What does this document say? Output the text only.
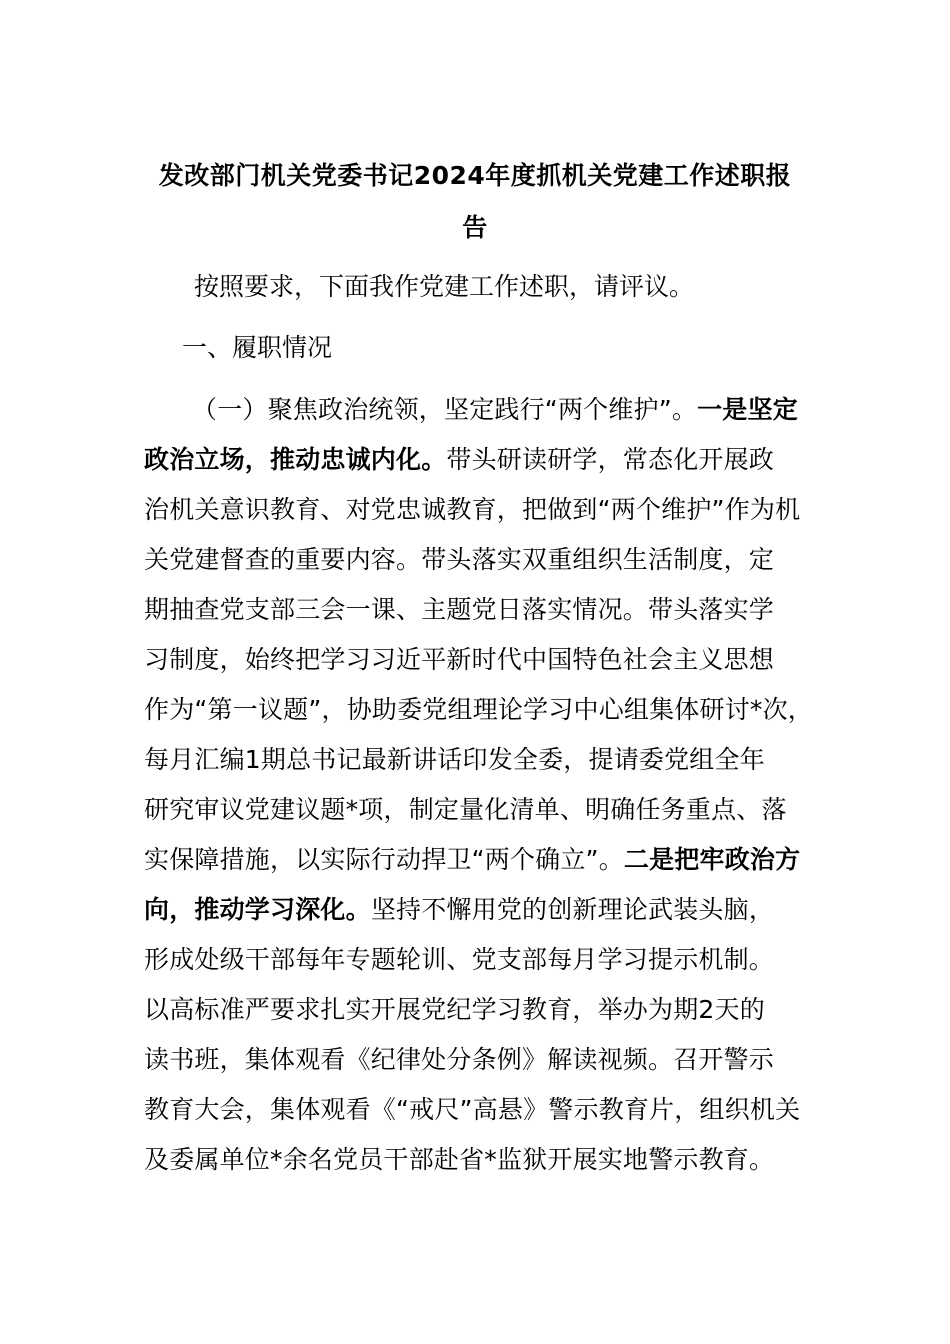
发改部门机关党委书记2024年度抓机关党建工作述职报
告
按照要求，下面我作党建工作述职，请评议。
一、履职情况
（一）聚焦政治统领，坚定践行“两个维护”。一是坚定
政治立场，推动忠诚内化。带头研读研学，常态化开展政
治机关意识教育、对党忠诚教育，把做到“两个维护”作为机
关党建督查的重要内容。带头落实双重组织生活制度，定
期抽查党支部三会一课、主题党日落实情况。带头落实学
习制度，始终把学习习近平新时代中国特色社会主义思想
作为“第一议题”，协助委党组理论学习中心组集体研讨*次，
每月汇编1期总书记最新讲话印发全委，提请委党组全年
研究审议党建议题*项，制定量化清单、明确任务重点、落
实保障措施，以实际行动捍卫“两个确立”。二是把牢政治方
向，推动学习深化。坚持不懈用党的创新理论武装头脑，
形成处级干部每年专题轮训、党支部每月学习提示机制。
以高标准严要求扎实开展党纪学习教育，举办为期2天的
读书班，集体观看《纪律处分条例》解读视频。召开警示
教育大会，集体观看《“戒尺”高悬》警示教育片，组织机关
及委属单位*余名党员干部赴省*监狱开展实地警示教育。
